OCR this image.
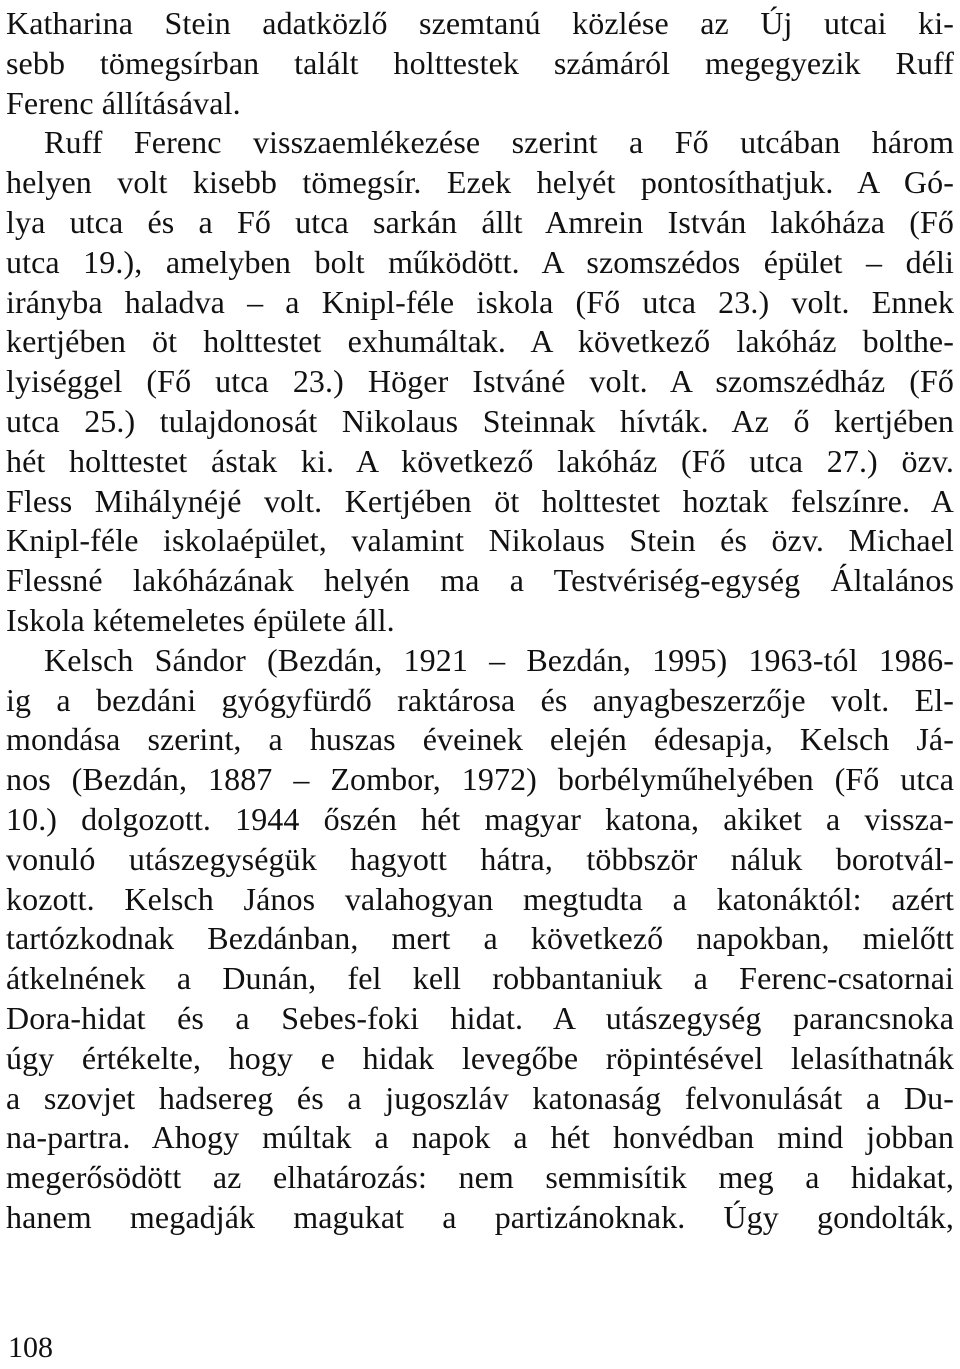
Katharina Stein adatközlő szemtanú közlése az Új utcai ki-
sebb tömegsírban talált holttestek számáról megegyezik Ruff
Ferenc állításával.
Ruff Ferenc visszaemlékezése szerint a Fő utcában három
helyen volt kisebb tömegsír. Ezek helyét pontosíthatjuk. A Gó-
lya utca és a Fő utca sarkán állt Amrein István lakóháza (Fő
utca 19.), amelyben bolt működött. A szomszédos épület – déli
irányba haladva – a Knipl-féle iskola (Fő utca 23.) volt. Ennek
kertjében öt holttestet exhumáltak. A következő lakóház bolthe-
lyiséggel (Fő utca 23.) Höger Istváné volt. A szomszédház (Fő
utca 25.) tulajdonosát Nikolaus Steinnak hívták. Az ő kertjében
hét holttestet ástak ki. A következő lakóház (Fő utca 27.) özv.
Fless Mihályné​jé volt. Kertjében öt holttestet hoztak felszínre. A
Knipl-féle iskolaépület, valamint Nikolaus Stein és özv. Michael
Flessné lakóházának helyén ma a Testvériség-egység Általános
Iskola kétemeletes épülete áll.
Kelsch Sándor (Bezdán, 1921 – Bezdán, 1995) 1963-tól 1986-
ig a bezdáni gyógyfürdő raktárosa és anyagbeszerzője volt. El-
mondása szerint, a huszas éveinek elején édesapja, Kelsch Já-
nos (Bezdán, 1887 – Zombor, 1972) borbélyműhelyében (Fő utca
10.) dolgozott. 1944 őszén hét magyar katona, akiket a vissza-
vonuló utászegységük hagyott hátra, többször náluk borotvál-
kozott. Kelsch János valahogyan megtudta a katonáktól: azért
tartózkodnak Bezdánban, mert a következő napokban, mielőtt
átkelnének a Dunán, fel kell robbantaniuk a Ferenc-csatornai
Dora-hidat és a Sebes-foki hidat. A utászegység parancsnoka
úgy értékelte, hogy e hidak levegőbe röpintésével lelasíthatnák
a szovjet hadsereg és a jugoszláv katonaság felvonulását a Du-
na-partra. Ahogy múltak a napok a hét honvédban mind jobban
megerősödött az elhatározás: nem semmisítik meg a hidakat,
hanem megadják magukat a partizánoknak. Úgy gondolták,
108
